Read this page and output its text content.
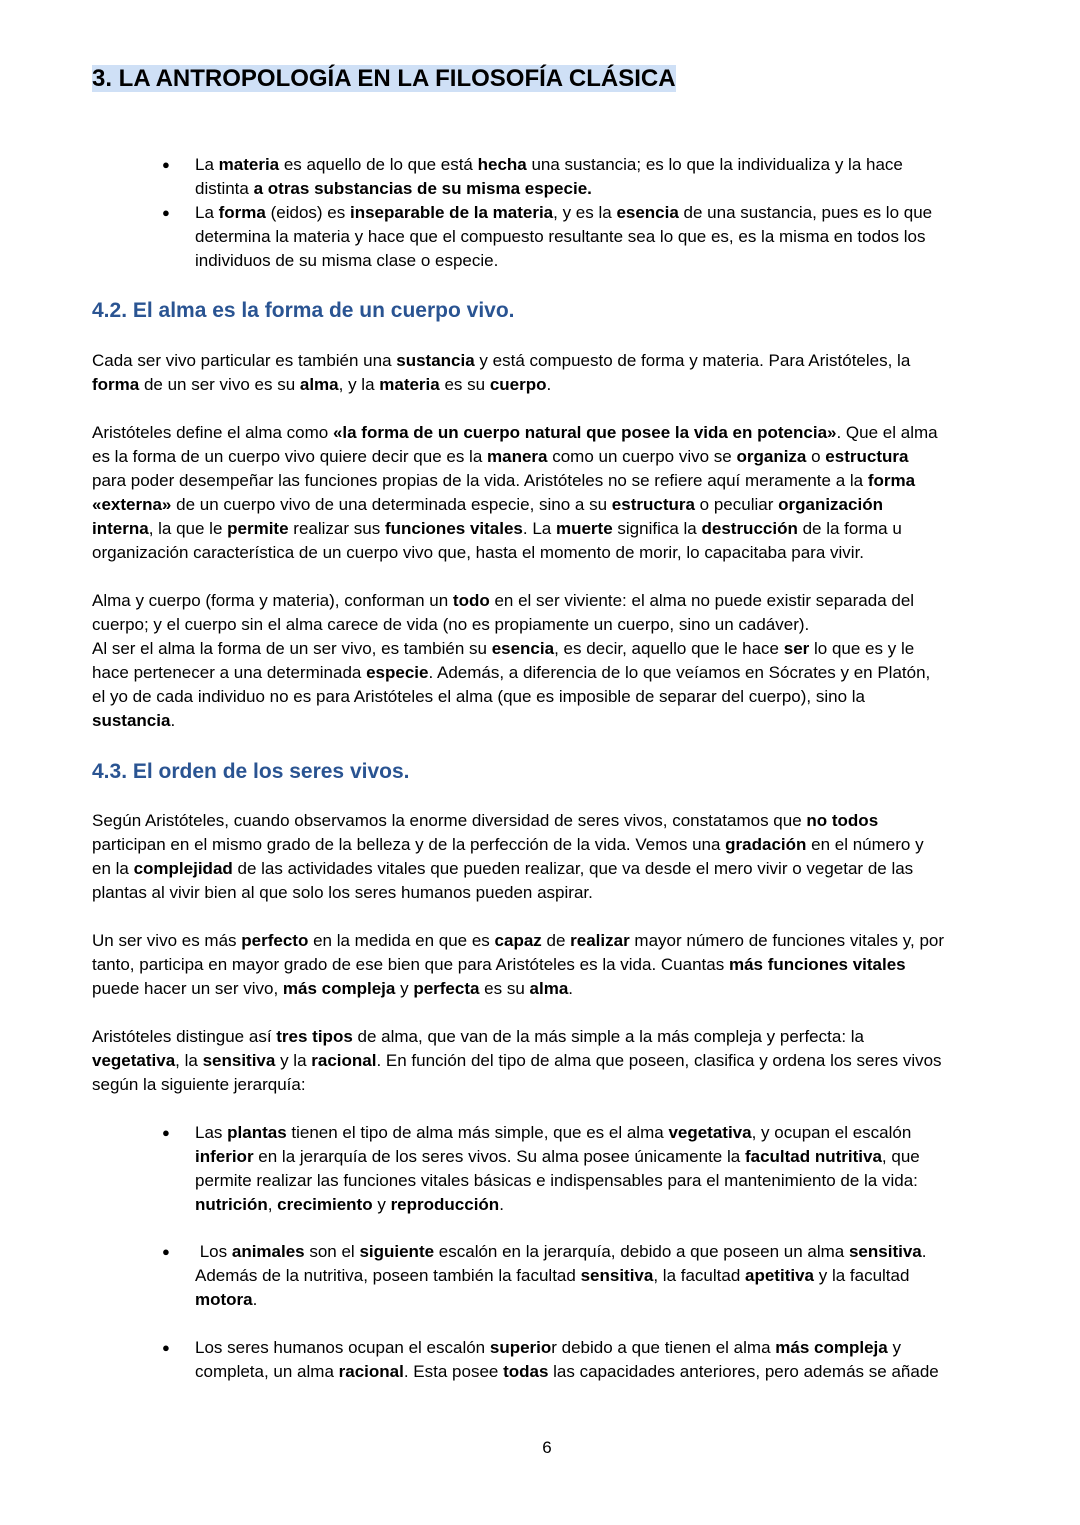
3. LA ANTROPOLOGÍA EN LA FILOSOFÍA CLÁSICA
● La materia es aquello de lo que está hecha una sustancia; es lo que la individualiza y la hace
distinta a otras substancias de su misma especie.
● La forma (eidos) es inseparable de la materia, y es la esencia de una sustancia, pues es lo que
determina la materia y hace que el compuesto resultante sea lo que es, es la misma en todos los
individuos de su misma clase o especie.
4.2. El alma es la forma de un cuerpo vivo.
Cada ser vivo particular es también una sustancia y está compuesto de forma y materia. Para Aristóteles, la
forma de un ser vivo es su alma, y la materia es su cuerpo.
Aristóteles define el alma como «la forma de un cuerpo natural que posee la vida en potencia». Que el alma
es la forma de un cuerpo vivo quiere decir que es la manera como un cuerpo vivo se organiza o estructura
para poder desempeñar las funciones propias de la vida. Aristóteles no se refiere aquí meramente a la forma
«externa» de un cuerpo vivo de una determinada especie, sino a su estructura o peculiar organización
interna, la que le permite realizar sus funciones vitales. La muerte significa la destrucción de la forma u
organización característica de un cuerpo vivo que, hasta el momento de morir, lo capacitaba para vivir.
Alma y cuerpo (forma y materia), conforman un todo en el ser viviente: el alma no puede existir separada del
cuerpo; y el cuerpo sin el alma carece de vida (no es propiamente un cuerpo, sino un cadáver).
Al ser el alma la forma de un ser vivo, es también su esencia, es decir, aquello que le hace ser lo que es y le
hace pertenecer a una determinada especie. Además, a diferencia de lo que veíamos en Sócrates y en Platón,
el yo de cada individuo no es para Aristóteles el alma (que es imposible de separar del cuerpo), sino la
sustancia.
4.3. El orden de los seres vivos.
Según Aristóteles, cuando observamos la enorme diversidad de seres vivos, constatamos que no todos
participan en el mismo grado de la belleza y de la perfección de la vida. Vemos una gradación en el número y
en la complejidad de las actividades vitales que pueden realizar, que va desde el mero vivir o vegetar de las
plantas al vivir bien al que solo los seres humanos pueden aspirar.
Un ser vivo es más perfecto en la medida en que es capaz de realizar mayor número de funciones vitales y, por
tanto, participa en mayor grado de ese bien que para Aristóteles es la vida. Cuantas más funciones vitales
puede hacer un ser vivo, más compleja y perfecta es su alma.
Aristóteles distingue así tres tipos de alma, que van de la más simple a la más compleja y perfecta: la
vegetativa, la sensitiva y la racional. En función del tipo de alma que poseen, clasifica y ordena los seres vivos
según la siguiente jerarquía:
● Las plantas tienen el tipo de alma más simple, que es el alma vegetativa, y ocupan el escalón
inferior en la jerarquía de los seres vivos. Su alma posee únicamente la facultad nutritiva, que
permite realizar las funciones vitales básicas e indispensables para el mantenimiento de la vida:
nutrición, crecimiento y reproducción.
●  Los animales son el siguiente escalón en la jerarquía, debido a que poseen un alma sensitiva.
Además de la nutritiva, poseen también la facultad sensitiva, la facultad apetitiva y la facultad
motora.
● Los seres humanos ocupan el escalón superior debido a que tienen el alma más compleja y
completa, un alma racional. Esta posee todas las capacidades anteriores, pero además se añade
6
